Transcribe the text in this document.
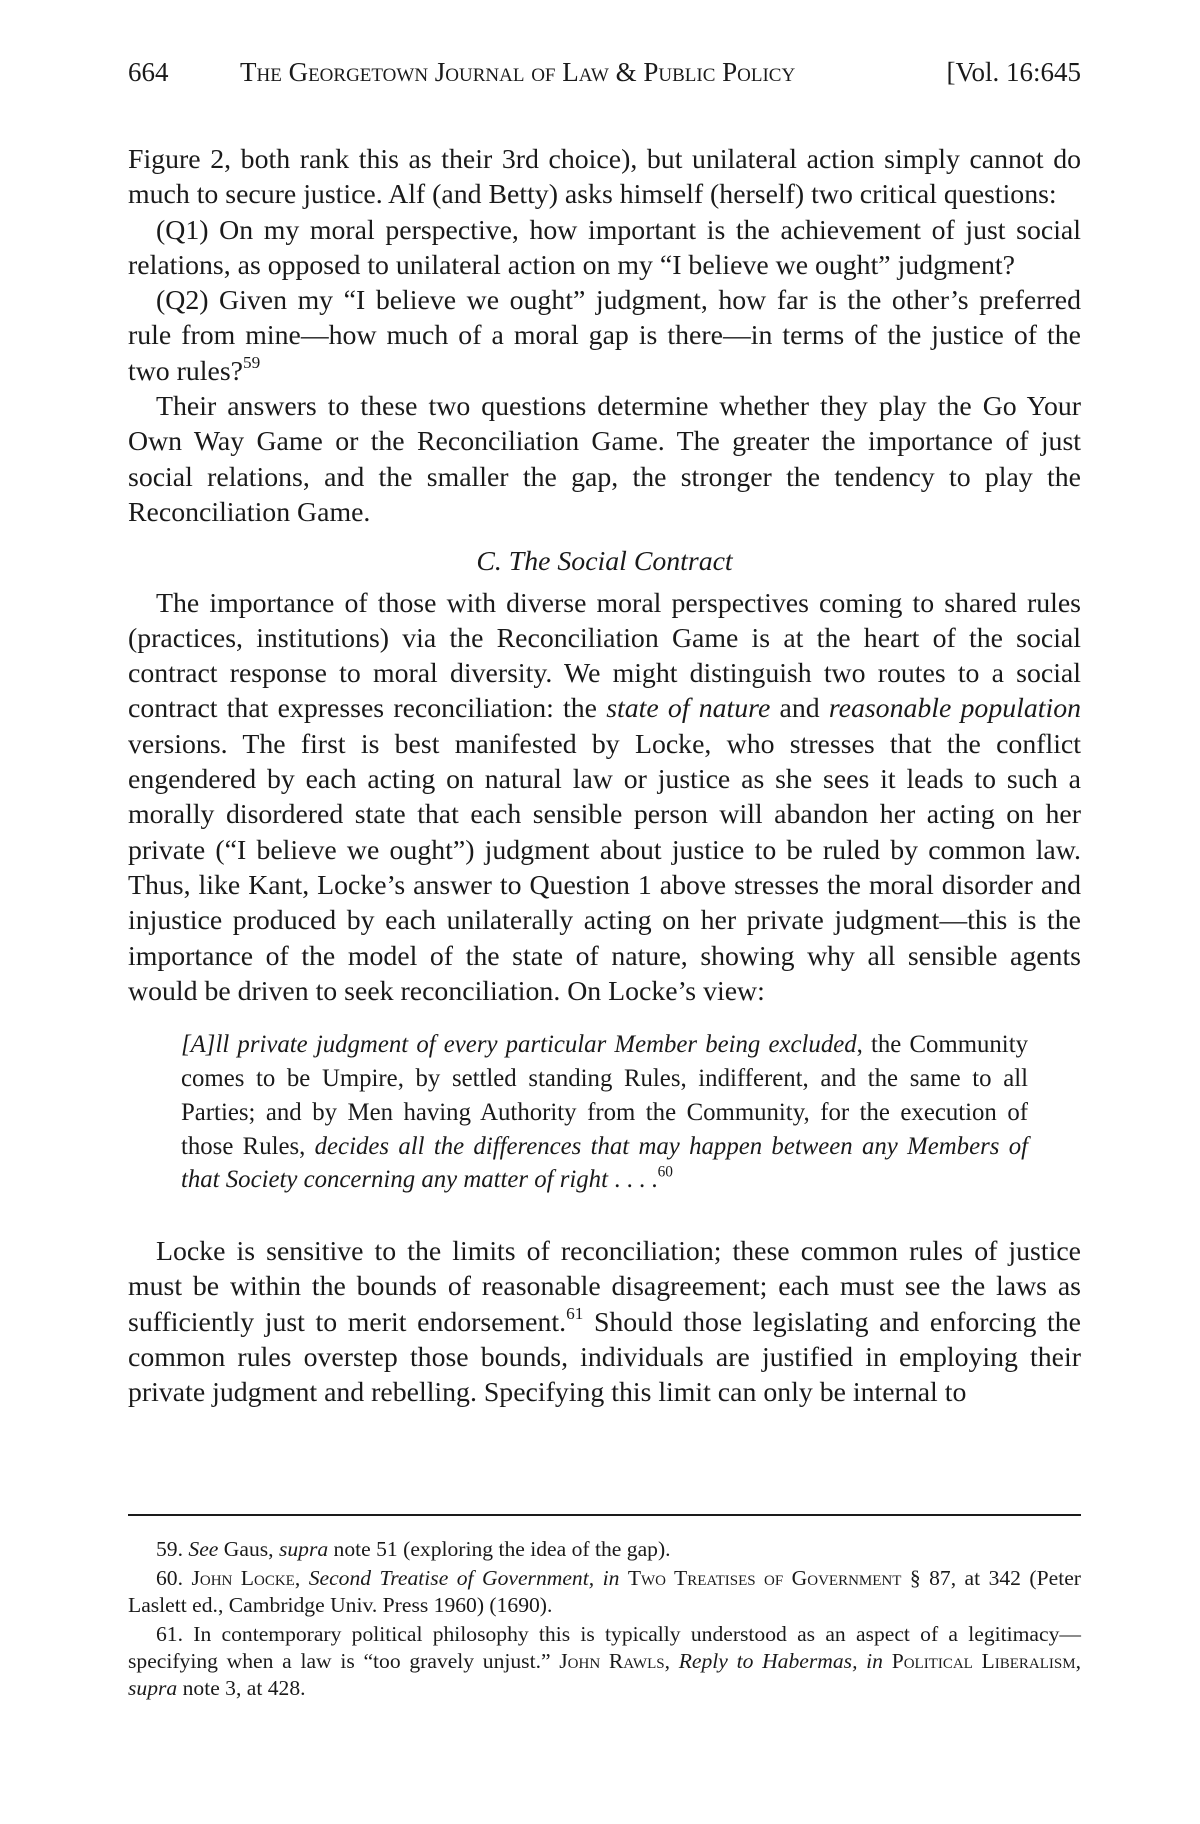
664	The Georgetown Journal of Law & Public Policy	[Vol. 16:645

Figure 2, both rank this as their 3rd choice), but unilateral action simply cannot do much to secure justice. Alf (and Betty) asks himself (herself) two critical questions:

(Q1) On my moral perspective, how important is the achievement of just social relations, as opposed to unilateral action on my “I believe we ought” judgment?

(Q2) Given my “I believe we ought” judgment, how far is the other’s preferred rule from mine—how much of a moral gap is there—in terms of the justice of the two rules?$^{59}$

Their answers to these two questions determine whether they play the Go Your Own Way Game or the Reconciliation Game. The greater the importance of just social relations, and the smaller the gap, the stronger the tendency to play the Reconciliation Game.

C. The Social Contract

The importance of those with diverse moral perspectives coming to shared rules (practices, institutions) via the Reconciliation Game is at the heart of the social contract response to moral diversity. We might distinguish two routes to a social contract that expresses reconciliation: the state of nature and reasonable population versions. The first is best manifested by Locke, who stresses that the conflict engendered by each acting on natural law or justice as she sees it leads to such a morally disordered state that each sensible person will abandon her acting on her private (“I believe we ought”) judgment about justice to be ruled by common law. Thus, like Kant, Locke’s answer to Question 1 above stresses the moral disorder and injustice produced by each unilaterally acting on her private judgment—this is the importance of the model of the state of nature, showing why all sensible agents would be driven to seek reconciliation. On Locke’s view:

[A]ll private judgment of every particular Member being excluded, the Community comes to be Umpire, by settled standing Rules, indifferent, and the same to all Parties; and by Men having Authority from the Community, for the execution of those Rules, decides all the differences that may happen between any Members of that Society concerning any matter of right . . . .$^{60}$

Locke is sensitive to the limits of reconciliation; these common rules of justice must be within the bounds of reasonable disagreement; each must see the laws as sufficiently just to merit endorsement.$^{61}$ Should those legislating and enforcing the common rules overstep those bounds, individuals are justified in employing their private judgment and rebelling. Specifying this limit can only be internal to

59. See Gaus, supra note 51 (exploring the idea of the gap).

60. John Locke, Second Treatise of Government, in Two Treatises of Government § 87, at 342 (Peter Laslett ed., Cambridge Univ. Press 1960) (1690).

61. In contemporary political philosophy this is typically understood as an aspect of a legitimacy—specifying when a law is “too gravely unjust.” John Rawls, Reply to Habermas, in Political Liberalism, supra note 3, at 428.
